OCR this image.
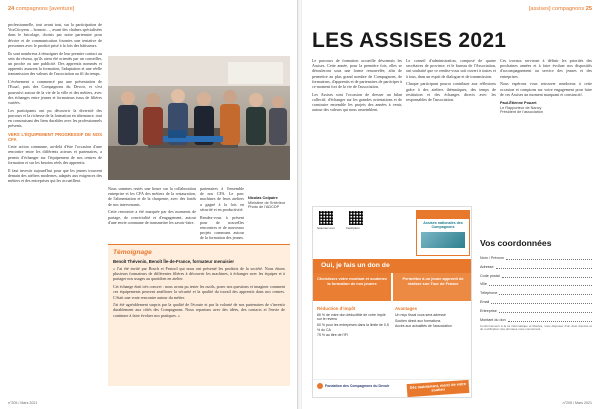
24 compagnons [aventure]

professionnelle, tout avant tout, sur la participation de VoxCitoyens – bonsoir…, avant des chaînes spécialisées dans le bricolage, choisis par notre partenaire pour décrire et de communication fournies une tentative de personnes avec le produit prisé à la fois des bâtisseurs.

Ils sont nombreux à témoigner de leur premier contact au sein du réseau, qu'ils aient été orientés par un conseiller, un proche ou une publicité. Des apprentis nommés et apprentis assurent la formation, l'adaptation et une réelle transmission des valeurs de l'association au fil du temps.

L'événement a commencé par une présentation de l'Essaf, puis des Compagnons du Devoir, et s'est poursuivi autour de la vie de la ville et des métiers, avec des échanges entre jeunes et formateurs issus de filières variées.

Les participants ont pu découvrir la diversité des parcours et la richesse de la formation en alternance, tout en construisant des liens durables avec les professionnels présents.

VERS L'ÉQUIPEMENT PROGRESSIF DE NOS CFA

Cette action commune, au-delà d'être l'occasion d'une rencontre entre les différents acteurs et partenaires, a permis d'échanger sur l'équipement de nos centres de formation et sur les besoins réels des apprentis.

Il faut investir aujourd'hui pour que les jeunes trouvent demain des ateliers modernes, adaptés aux exigences des métiers et des entreprises qui les accueillent.

Nous sommes restés une heure sur la collaboration entreprise et les CFA des métiers de la restauration, de l'alimentation et de la charpente, avec des fonds de nos intervenants.

Cette rencontre a été marquée par des moments de partage, de convivialité et d'engagement, autour d'une envie commune de transmettre les savoir-faire.

partenaires à l'ensemble de nos CFA. Le parc machines de leurs ateliers a gagné à la fois en sécurité et en productivité.

Rendez-vous à présent pour de nouvelles rencontres et de nouveaux projets communs autour de la formation des jeunes.

Nicolas Colpaire
Ministère de l'Intérieur
Photo de l'ADCDP
Témoignage
Benoît Thévenin, Benoît Île-de-France, formateur menuisier

« J'ai été invité par Bosch et Festool qui nous ont présenté les produits de la société. Nous étions plusieurs formateurs de différentes filières à découvrir les machines, à échanger avec les équipes et à partager nos usages au quotidien en atelier.

Cet échange était très concret : nous avons pu tester les outils, poser nos questions et imaginer comment ces équipements peuvent améliorer la sécurité et la qualité du travail des apprentis dans nos centres. C'était une vraie rencontre autour du métier.

J'ai été agréablement surpris par la qualité de l'écoute et par la volonté de nos partenaires de s'investir durablement aux côtés des Compagnons. Nous repartons avec des idées, des contacts et l'envie de continuer à faire évoluer nos pratiques. »

n°205 / Mars 2021
[assises] compagnons 25
LES ASSISES 2021

Le parcours de formation accueille désormais les Assises. Cette année, pour la première fois, elles se dérouleront sous une forme renouvelée, afin de permettre au plus grand nombre de Compagnons, de formateurs, d'apprentis et de partenaires de participer à ce moment fort de la vie de l'association.

Les Assises sont l'occasion de dresser un bilan collectif, d'échanger sur les grandes orientations et de construire ensemble les projets des années à venir, autour des valeurs qui nous rassemblent.

Le conseil d'administration, composé de quatre secrétaires de province, et le bureau de l'Association, ont souhaité que ce rendez-vous soit ouvert à toutes et à tous, dans un esprit de dialogue et de transmission.

Chaque participant pourra contribuer aux réflexions grâce à des ateliers thématiques, des temps de restitution et des échanges directs avec les responsables de l'association.

Ces travaux serviront à définir les priorités des prochaines années et à faire évoluer nos dispositifs d'accompagnement au service des jeunes et des entreprises.

Nous espérons vous retrouver nombreux à cette occasion et comptons sur votre engagement pour faire de ces Assises un moment marquant et constructif.

Paul-Étienne Pouzet
Le Rapporteur de Nancy
Président de l'association
Scannez-moi	Inscription
Assises nationales des Compagnons
Oui, je fais un don de
Choisissez votre montant et soutenez la formation de nos jeunes
Permettez à un jeune apprenti de réaliser son Tour de France
Réduction d'impôt
66 % de votre don déductible de votre impôt sur le revenu
60 % pour les entreprises dans la limite de 0,5 % du CA
75 % au titre de l'IFI
Avantages
Un reçu fiscal vous sera adressé
Soutien direct aux formations
Accès aux actualités de l'association
Fondation des Compagnons du Devoir	Dès maintenant, merci de votre soutien
Vos coordonnées
Nom / Prénom
Adresse
Code postal
Ville
Téléphone
Email
Entreprise
Montant du don
Conformément à la loi informatique et libertés, vous disposez d'un droit d'accès et de rectification des données vous concernant.
n°205 / Mars 2021
